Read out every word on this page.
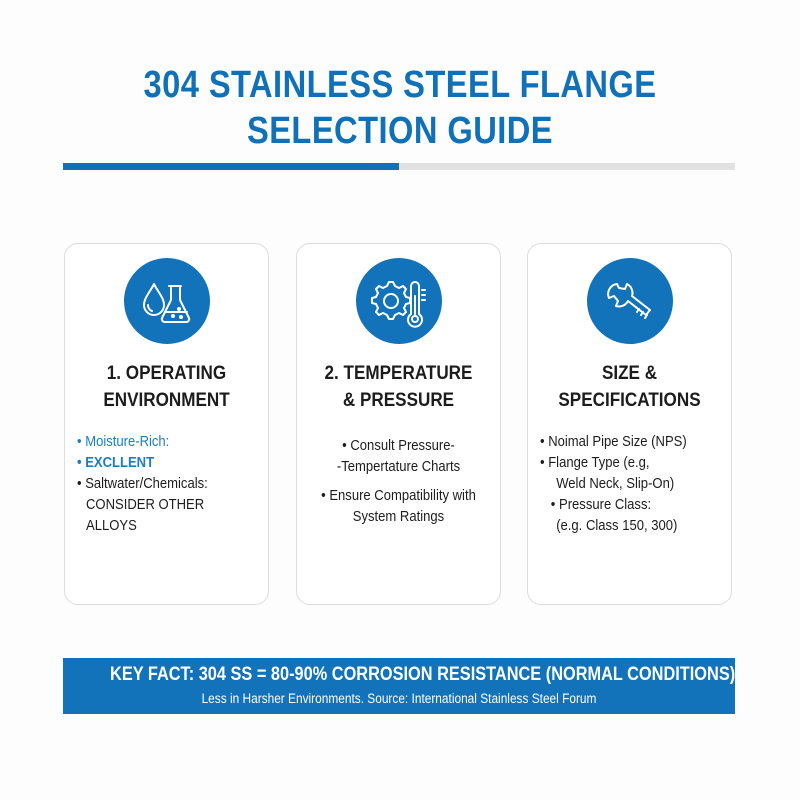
304 STAINLESS STEEL FLANGE
SELECTION GUIDE
1. OPERATING
ENVIRONMENT
• Moisture-Rich:
• EXCLLENT
• Saltwater/Chemicals:
CONSIDER OTHER ALLOYS
2. TEMPERATURE
& PRESSURE
• Consult Pressure-
-Tempertature Charts
• Ensure Compatibility with
System Ratings
SIZE &
SPECIFICATIONS
• Noimal Pipe Size (NPS)
• Flange Type (e.g,
Weld Neck, Slip-On)
• Pressure Class:
(e.g. Class 150, 300)
KEY FACT: 304 SS = 80-90% CORROSION RESISTANCE (NORMAL CONDITIONS)
Less in Harsher Environments. Source: International Stainless Steel Forum
